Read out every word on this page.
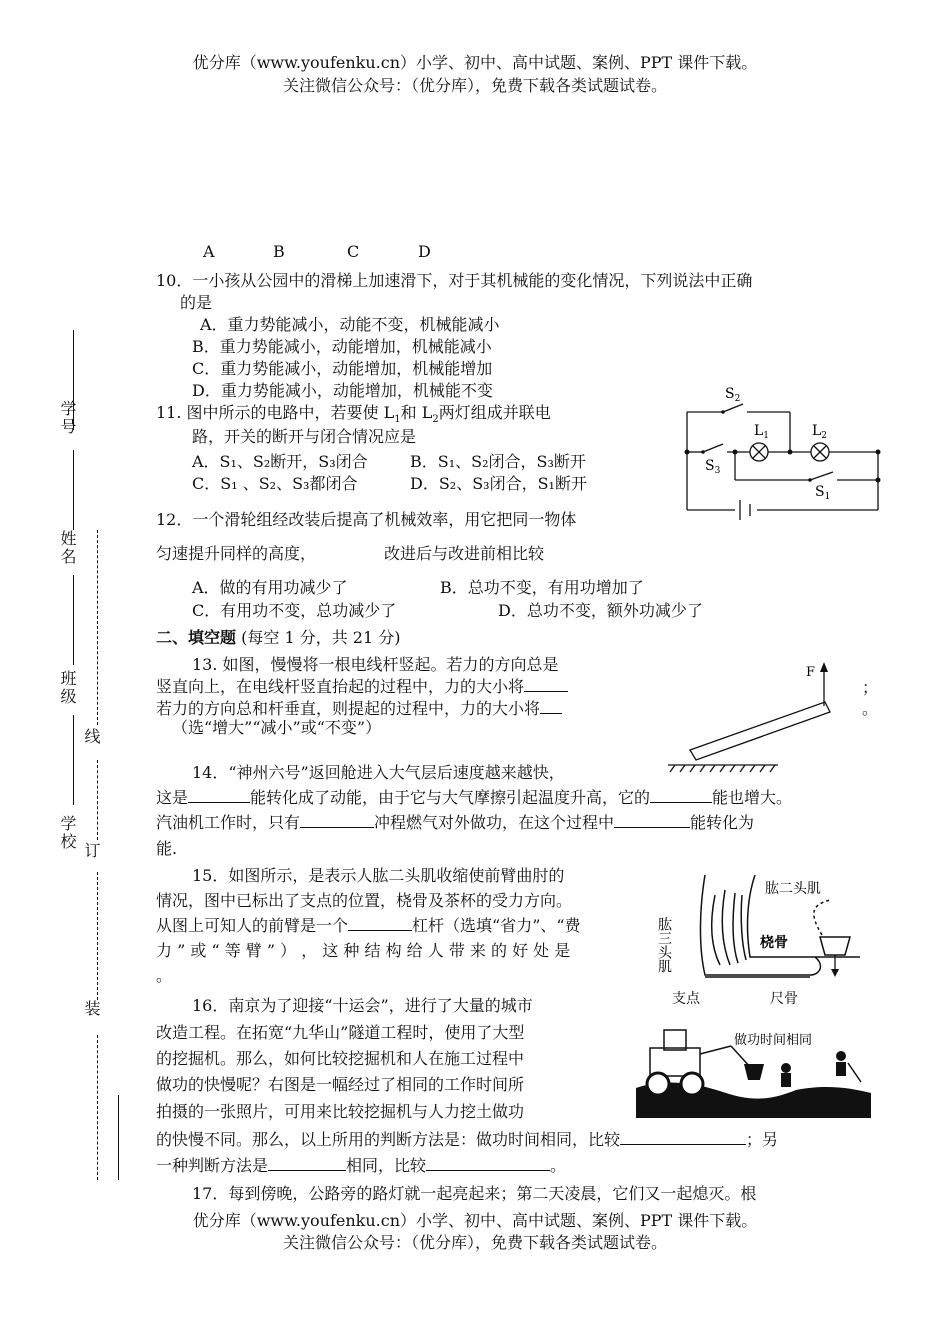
优分库（www.youfenku.cn）小学、初中、高中试题、案例、PPT 课件下载。
关注微信公众号：（优分库），免费下载各类试题试卷。
学号
姓名
班级
学校
线
订
装
A	B	C	D
10．一小孩从公园中的滑梯上加速滑下，对于其机械能的变化情况，下列说法中正确
的是
A．重力势能减小，动能不变，机械能减小
B．重力势能减小，动能增加，机械能减小
C．重力势能减小，动能增加，机械能增加
D．重力势能减小，动能增加，机械能不变
11. 图中所示的电路中，若要使 $L_1$和 $L_2$两灯组成并联电
路，开关的断开与闭合情况应是
A．S₁、S₂断开，S₃闭合	B．S₁、S₂闭合，S₃断开
C．S₁ 、S₂、S₃都闭合	D．S₂、S₃闭合，S₁断开
$S_2$
$L_1$	$L_2$
$S_3$
$S_1$
12．一个滑轮组经改装后提高了机械效率，用它把同一物体
匀速提升同样的高度，	改进后与改进前相比较
A．做的有用功减少了	B．总功不变，有用功增加了
C．有用功不变，总功减少了	D．总功不变，额外功减少了
二、填空题 (每空 1 分，共 21 分)
13. 如图，慢慢将一根电线杆竖起。若力的方向总是
竖直向上，在电线杆竖直抬起的过程中，力的大小将
若力的方向总和杆垂直，则提起的过程中，力的大小将
（选“增大”“减小”或“不变”）
；
。
F
14．“神州六号”返回舱进入大气层后速度越来越快，
这是	能转化成了动能，由于它与大气摩擦引起温度升高，它的	能也增大。
汽油机工作时，只有	冲程燃气对外做功，在这个过程中	能转化为
能.
15．如图所示，是表示人肱二头肌收缩使前臂曲肘的
情况，图中已标出了支点的位置，桡骨及茶杯的受力方向。
从图上可知人的前臂是一个	杠杆（选填“省力”、“费
力 ” 或 “ 等 臂 ” ） ， 这 种 结 构 给 人 带 来 的 好 处 是
。
肱二头肌
肱三头肌	桡骨
支点	尺骨
16．南京为了迎接“十运会”，进行了大量的城市
改造工程。在拓宽“九华山”隧道工程时，使用了大型
的挖掘机。那么，如何比较挖掘机和人在施工过程中
做功的快慢呢？右图是一幅经过了相同的工作时间所
拍摄的一张照片，可用来比较挖掘机与人力挖土做功
的快慢不同。那么，以上所用的判断方法是：做功时间相同，比较	；另
一种判断方法是	相同，比较	。
做功时间相同
17．每到傍晚，公路旁的路灯就一起亮起来；第二天凌晨，它们又一起熄灭。根
优分库（www.youfenku.cn）小学、初中、高中试题、案例、PPT 课件下载。
关注微信公众号：（优分库），免费下载各类试题试卷。
